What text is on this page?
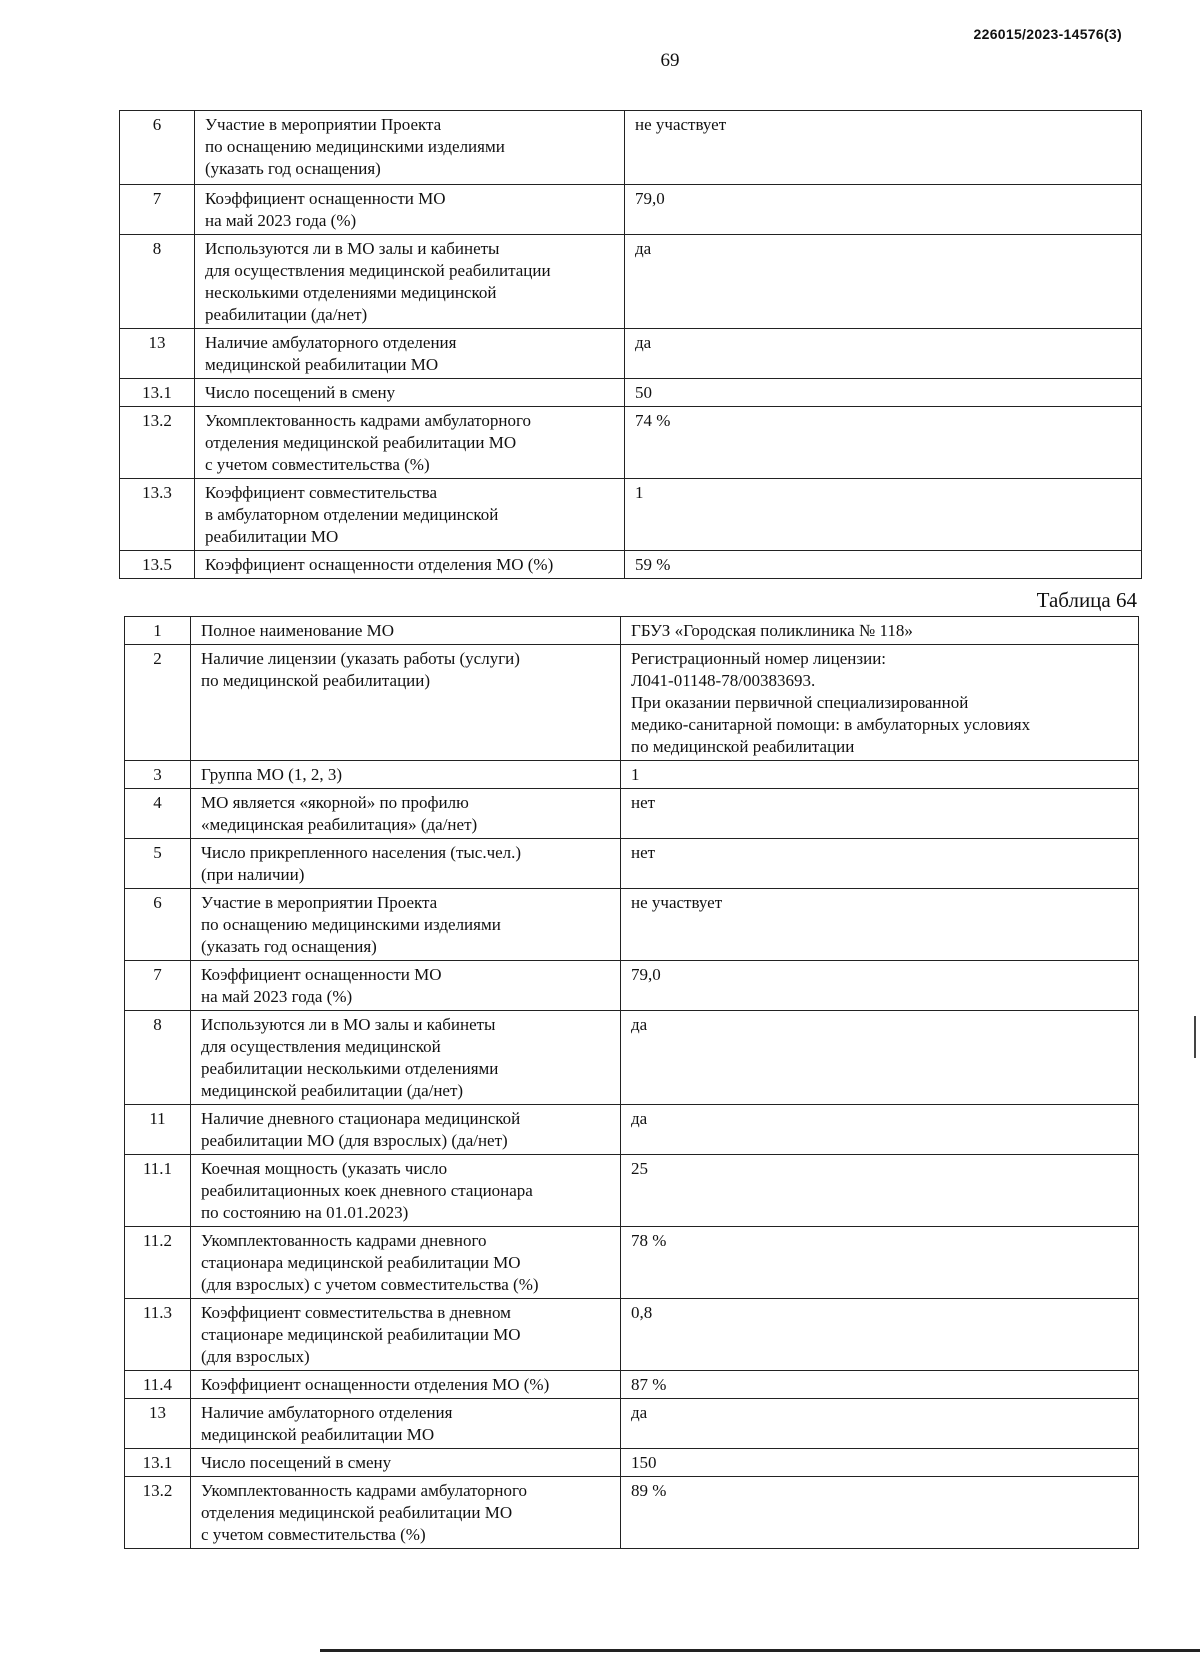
226015/2023-14576(3)
69
6	Участие в мероприятии Проекта
по оснащению медицинскими изделиями
(указать год оснащения)	не участвует
7	Коэффициент оснащенности МО
на май 2023 года (%)	79,0
8	Используются ли в МО залы и кабинеты
для осуществления медицинской реабилитации
несколькими отделениями медицинской
реабилитации (да/нет)	да
13	Наличие амбулаторного отделения
медицинской реабилитации МО	да
13.1	Число посещений в смену	50
13.2	Укомплектованность кадрами амбулаторного
отделения медицинской реабилитации МО
с учетом совместительства (%)	74 %
13.3	Коэффициент совместительства
в амбулаторном отделении медицинской
реабилитации МО	1
13.5	Коэффициент оснащенности отделения МО (%)	59 %
Таблица 64
1	Полное наименование МО	ГБУЗ «Городская поликлиника № 118»
2	Наличие лицензии (указать работы (услуги)
по медицинской реабилитации)	Регистрационный номер лицензии:
Л041-01148-78/00383693.
При оказании первичной специализированной
медико-санитарной помощи: в амбулаторных условиях
по медицинской реабилитации
3	Группа МО (1, 2, 3)	1
4	МО является «якорной» по профилю
«медицинская реабилитация» (да/нет)	нет
5	Число прикрепленного населения (тыс.чел.)
(при наличии)	нет
6	Участие в мероприятии Проекта
по оснащению медицинскими изделиями
(указать год оснащения)	не участвует
7	Коэффициент оснащенности МО
на май 2023 года (%)	79,0
8	Используются ли в МО залы и кабинеты
для осуществления медицинской
реабилитации несколькими отделениями
медицинской реабилитации (да/нет)	да
11	Наличие дневного стационара медицинской
реабилитации МО (для взрослых) (да/нет)	да
11.1	Коечная мощность (указать число
реабилитационных коек дневного стационара
по состоянию на 01.01.2023)	25
11.2	Укомплектованность кадрами дневного
стационара медицинской реабилитации МО
(для взрослых) с учетом совместительства (%)	78 %
11.3	Коэффициент совместительства в дневном
стационаре медицинской реабилитации МО
(для взрослых)	0,8
11.4	Коэффициент оснащенности отделения МО (%)	87 %
13	Наличие амбулаторного отделения
медицинской реабилитации МО	да
13.1	Число посещений в смену	150
13.2	Укомплектованность кадрами амбулаторного
отделения медицинской реабилитации МО
с учетом совместительства (%)	89 %
